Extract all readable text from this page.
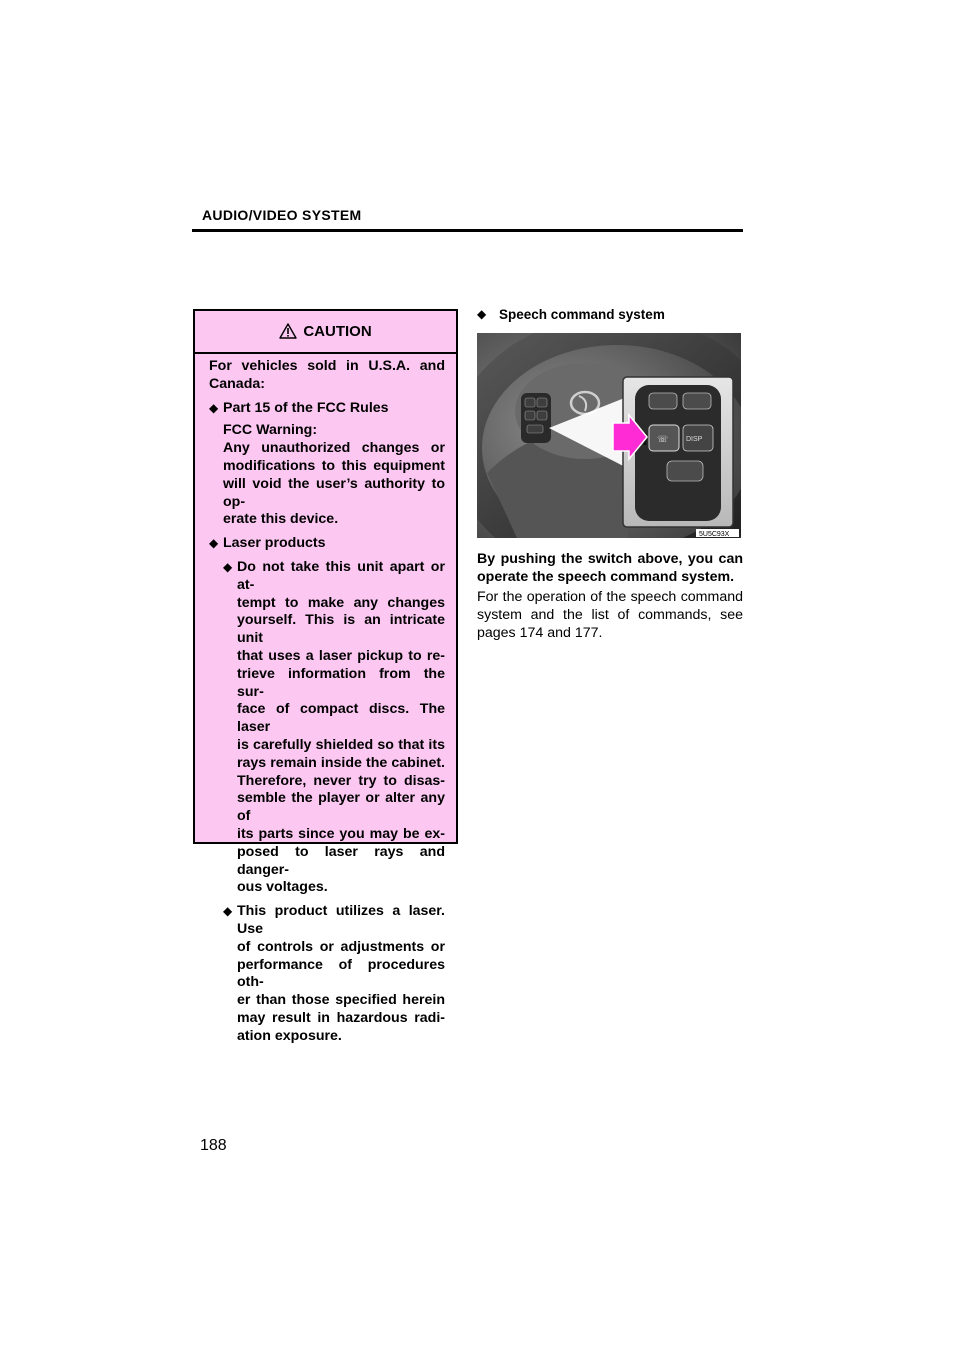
AUDIO/VIDEO SYSTEM
CAUTION
For vehicles sold in U.S.A. and
Canada:
◆ Part 15 of the FCC Rules
FCC Warning:
Any unauthorized changes or
modifications to this equipment
will void the user’s authority to op-
erate this device.
◆ Laser products
◆ Do not take this unit apart or at-
tempt to make any changes
yourself. This is an intricate unit
that uses a laser pickup to re-
trieve information from the sur-
face of compact discs. The laser
is carefully shielded so that its
rays remain inside the cabinet.
Therefore, never try to disas-
semble the player or alter any of
its parts since you may be ex-
posed to laser rays and danger-
ous voltages.
◆ This product utilizes a laser. Use
of controls or adjustments or
performance of procedures oth-
er than those specified herein
may result in hazardous radi-
ation exposure.
◆ Speech command system
☏	DISP
5U5C93X
By pushing the switch above, you can
operate the speech command system.
For the operation of the speech command
system and the list of commands, see
pages 174 and 177.
188
